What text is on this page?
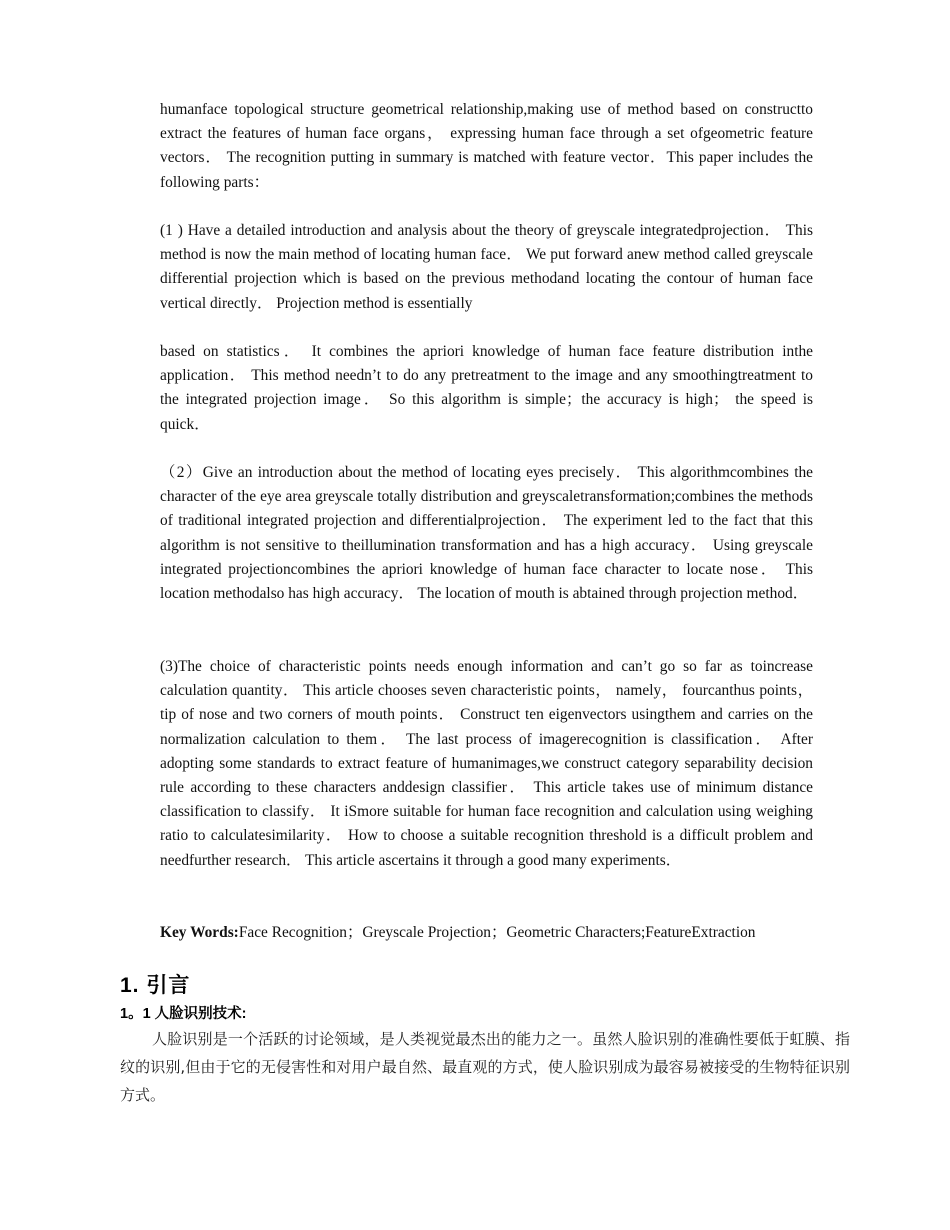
humanface topological structure geometrical relationship,making use of method based on constructto extract the features of human face organs， expressing human face through a set ofgeometric feature vectors． The recognition putting in summary is matched with feature vector．This paper includes the following parts：

(1 ) Have a detailed introduction and analysis about the theory of greyscale integratedprojection． This method is now the main method of locating human face． We put forward anew method called greyscale differential projection which is based on the previous methodand locating the contour of human face vertical directly． Projection method is essentially

based on statistics． It combines the apriori knowledge of human face feature distribution inthe application． This method needn’t to do any pretreatment to the image and any smoothingtreatment to the integrated projection image． So this algorithm is simple；the accuracy is high； the speed is quick．

（2）Give an introduction about the method of locating eyes precisely． This algorithmcombines the character of the eye area greyscale totally distribution and greyscaletransformation;combines the methods of traditional integrated projection and differentialprojection． The experiment led to the fact that this algorithm is not sensitive to theillumination transformation and has a high accuracy． Using greyscale integrated projectioncombines the apriori knowledge of human face character to locate nose． This location methodalso has high accuracy． The location of mouth is abtained through projection method．

(3)The choice of characteristic points needs enough information and can’t go so far as toincrease calculation quantity． This article chooses seven characteristic points， namely， fourcanthus points，tip of nose and two corners of mouth points． Construct ten eigenvectors usingthem and carries on the normalization calculation to them． The last process of imagerecognition is classification． After adopting some standards to extract feature of humanimages,we construct category separability decision rule according to these characters anddesign classifier． This article takes use of minimum distance classification to classify． It iSmore suitable for human face recognition and calculation using weighing ratio to calculatesimilarity． How to choose a suitable recognition threshold is a difficult problem and needfurther research． This article ascertains it through a good many experiments．

Key Words:Face Recognition；Greyscale Projection；Geometric Characters;FeatureExtraction

1. 引言
1。1 人脸识别技术:

人脸识别是一个活跃的讨论领域，是人类视觉最杰出的能力之一。虽然人脸识别的准确性要低于虹膜、指纹的识别,但由于它的无侵害性和对用户最自然、最直观的方式，使人脸识别成为最容易被接受的生物特征识别方式。
